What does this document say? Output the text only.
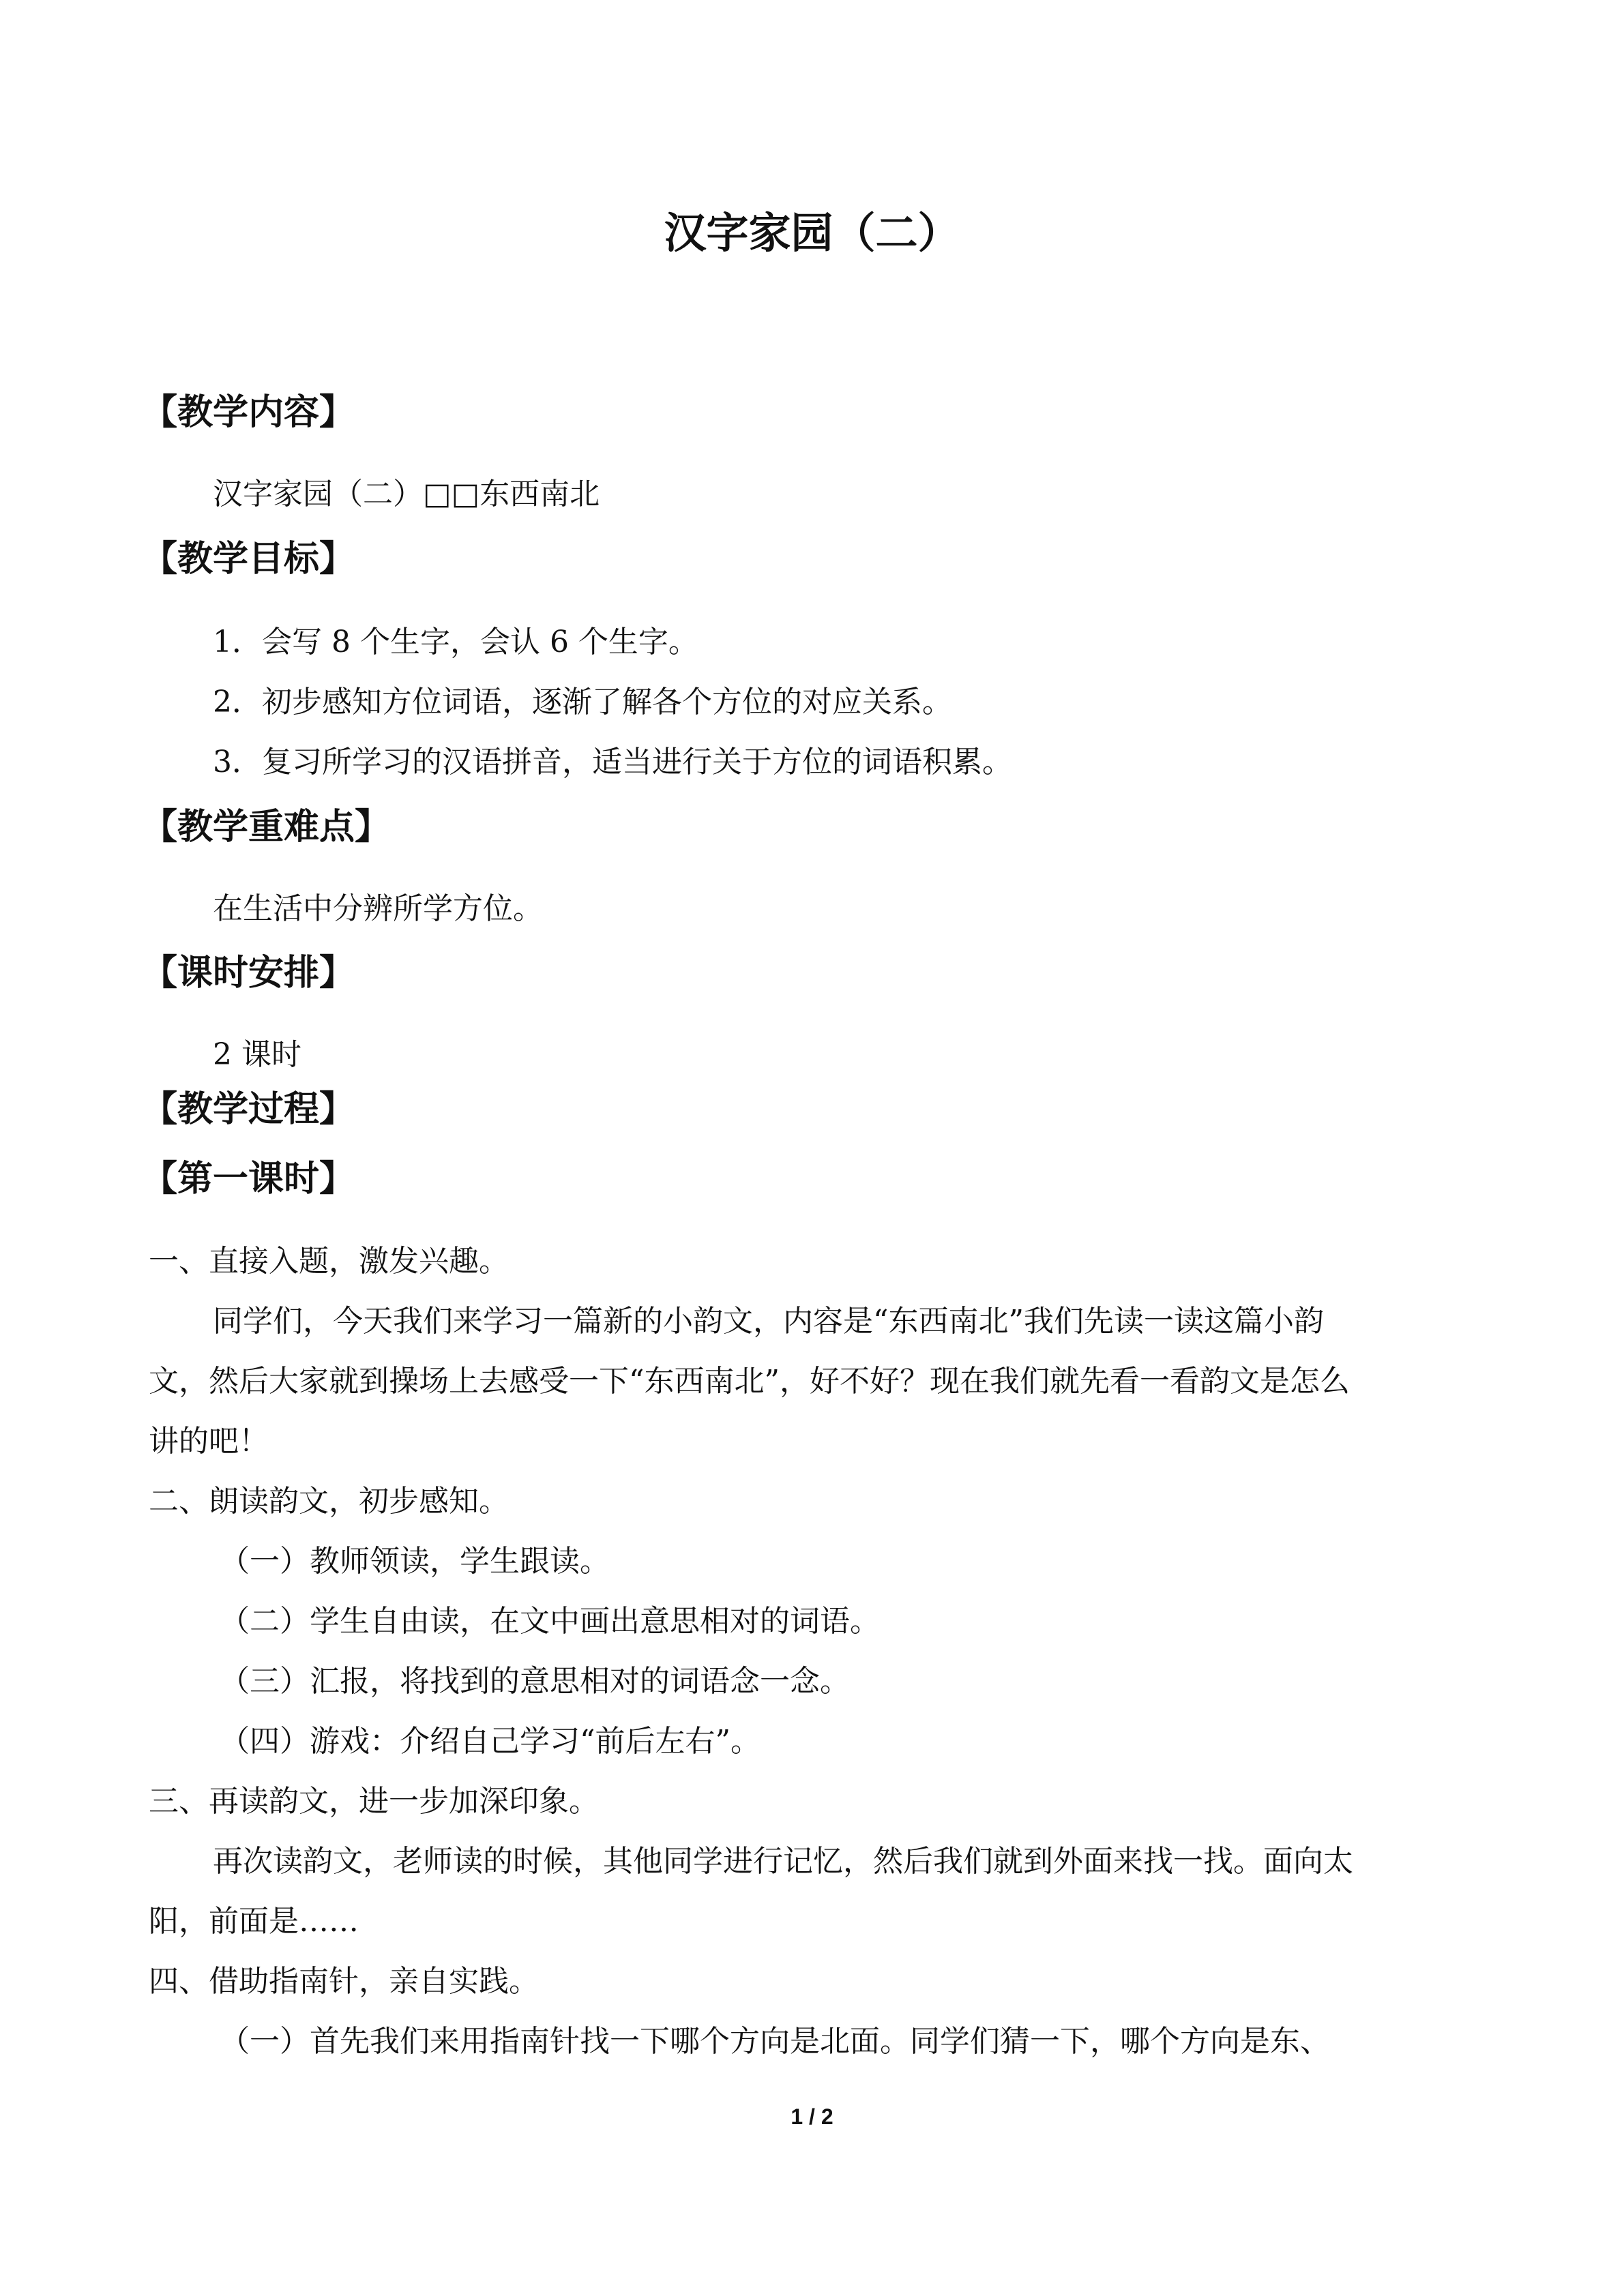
汉字家园（二）
【教学内容】
汉字家园（二）□□东西南北
【教学目标】
1．会写 8 个生字，会认 6 个生字。
2．初步感知方位词语，逐渐了解各个方位的对应关系。
3．复习所学习的汉语拼音，适当进行关于方位的词语积累。
【教学重难点】
在生活中分辨所学方位。
【课时安排】
2 课时
【教学过程】
【第一课时】
一、直接入题，激发兴趣。
同学们，今天我们来学习一篇新的小韵文，内容是“东西南北”我们先读一读这篇小韵
文，然后大家就到操场上去感受一下“东西南北”，好不好？现在我们就先看一看韵文是怎么
讲的吧！
二、朗读韵文，初步感知。
（一）教师领读，学生跟读。
（二）学生自由读，在文中画出意思相对的词语。
（三）汇报，将找到的意思相对的词语念一念。
（四）游戏：介绍自己学习“前后左右”。
三、再读韵文，进一步加深印象。
再次读韵文，老师读的时候，其他同学进行记忆，然后我们就到外面来找一找。面向太
阳，前面是……
四、借助指南针，亲自实践。
（一）首先我们来用指南针找一下哪个方向是北面。同学们猜一下，哪个方向是东、
1 / 2
